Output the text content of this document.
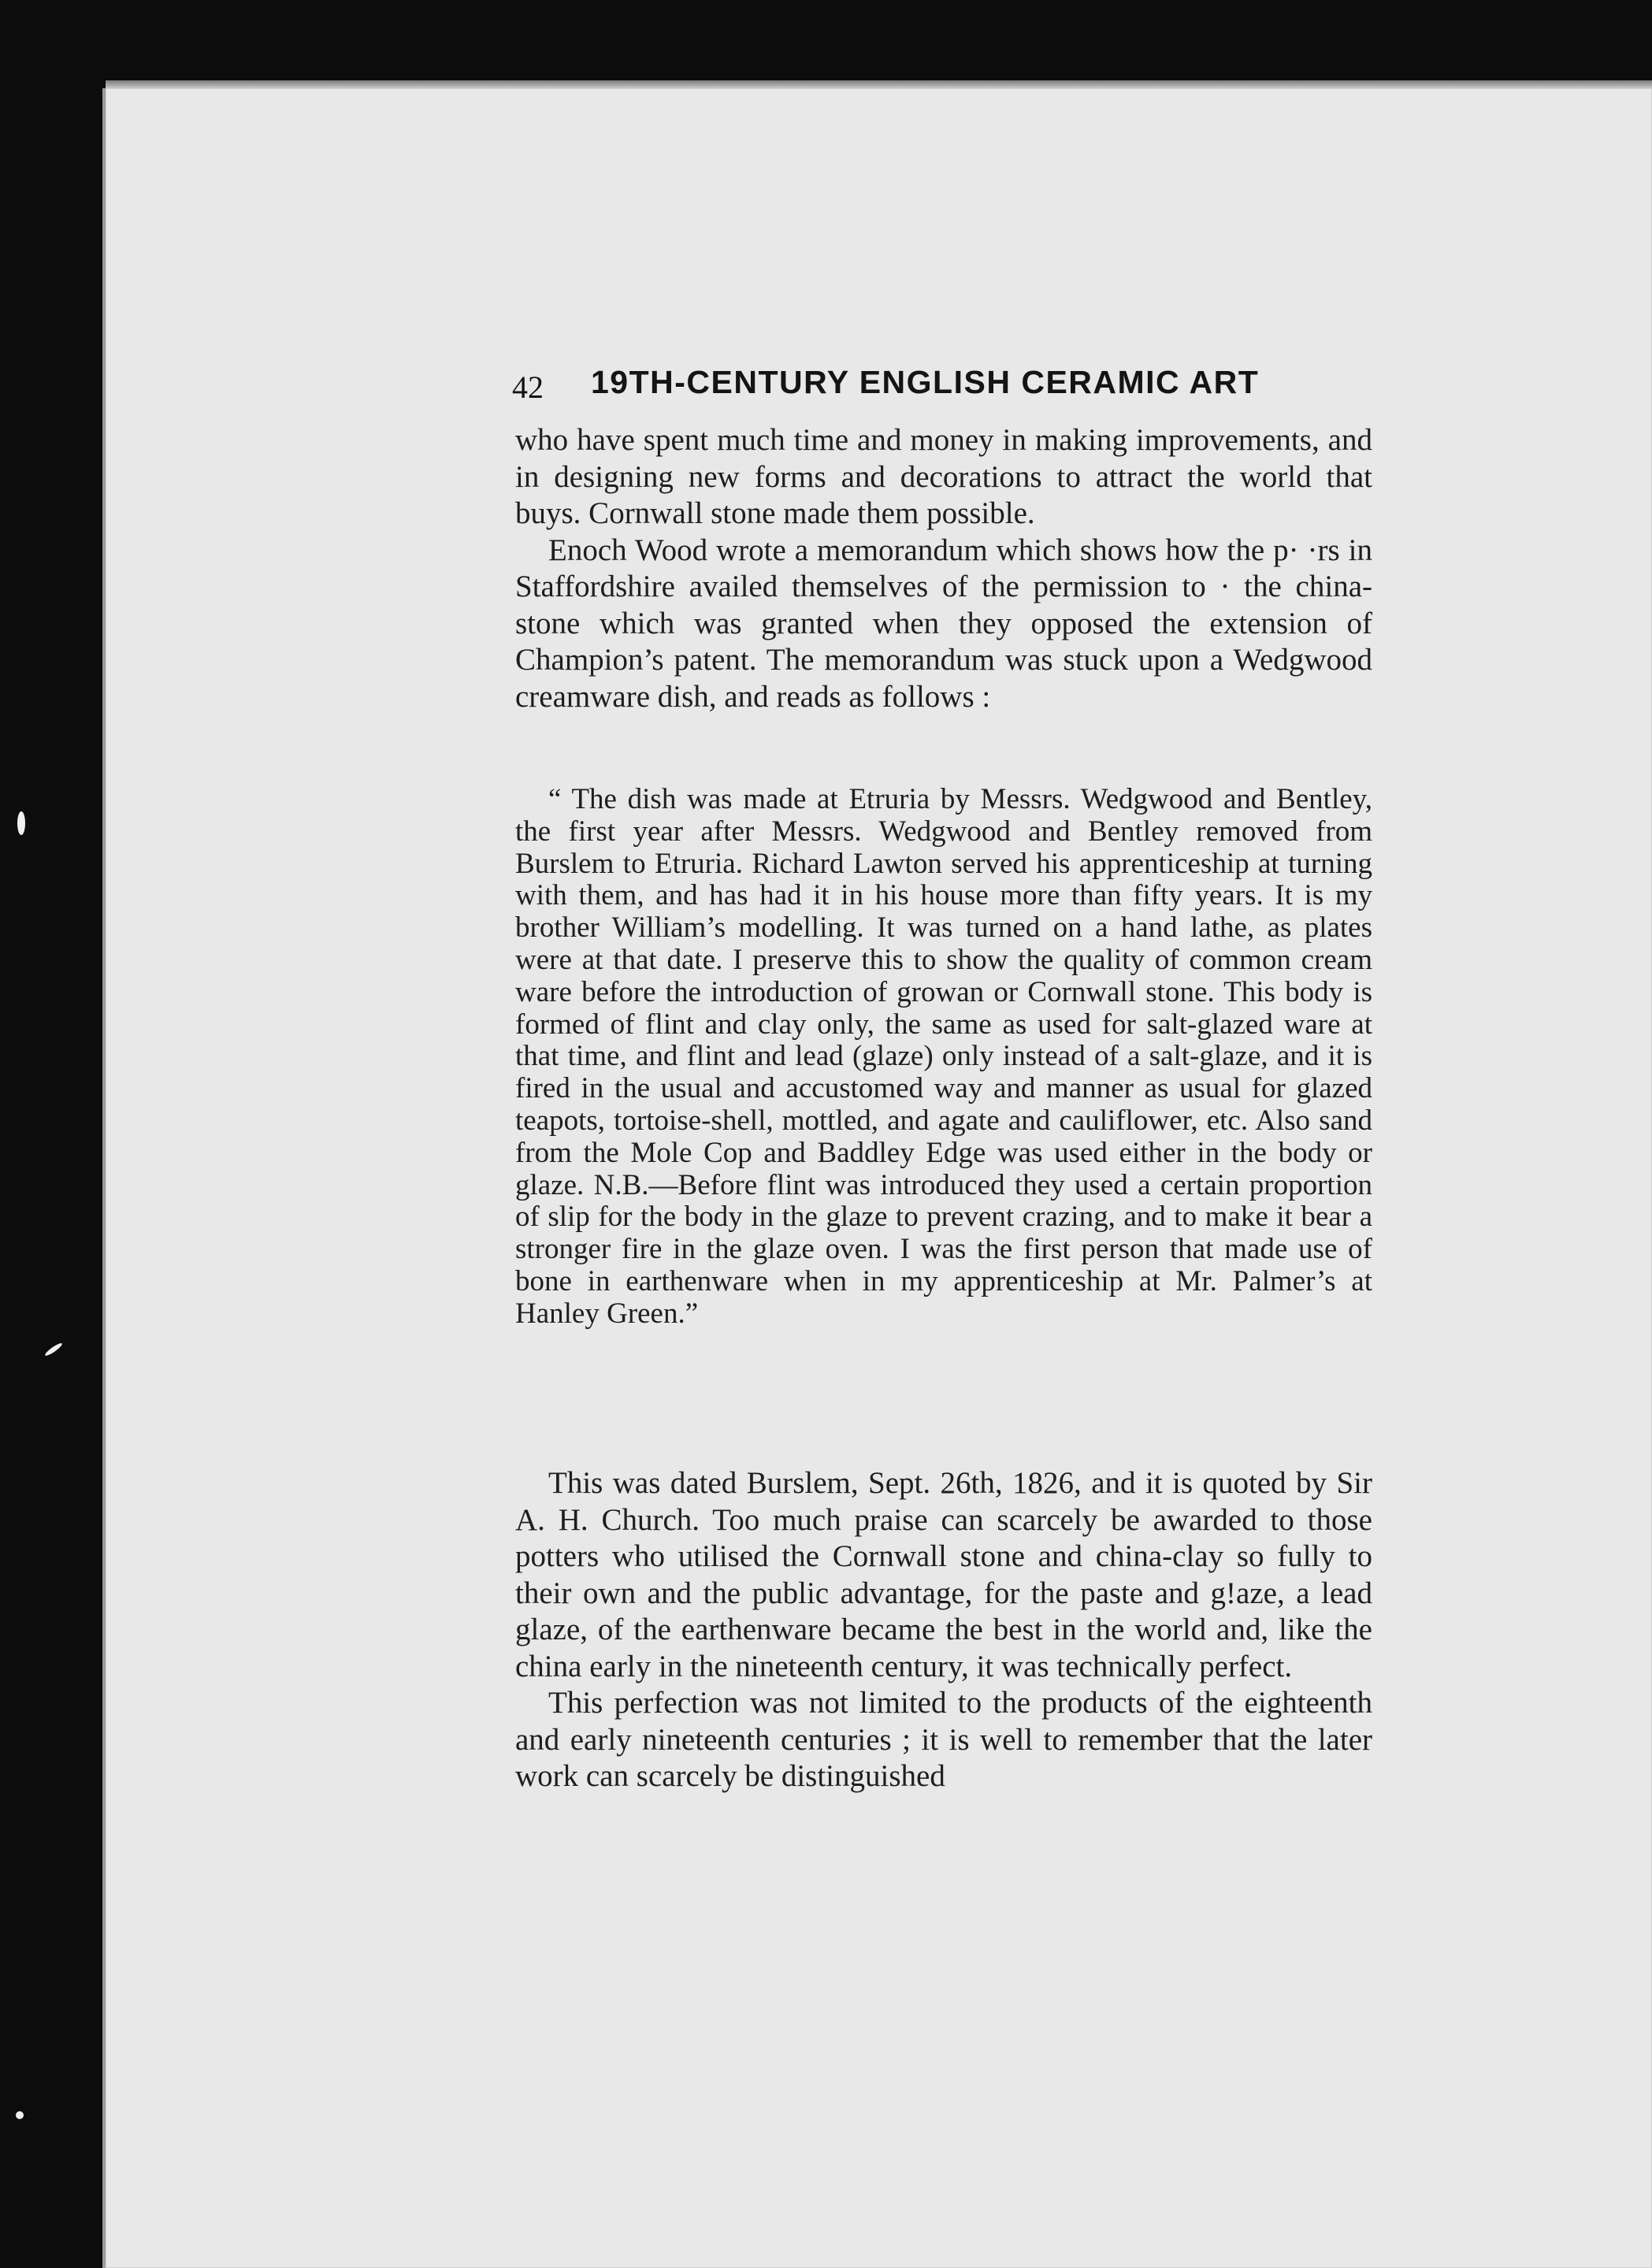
42 19TH-CENTURY ENGLISH CERAMIC ART

who have spent much time and money in making improvements, and in designing new forms and decorations to attract the world that buys. Cornwall stone made them possible.

Enoch Wood wrote a memorandum which shows how the p· ·rs in Staffordshire availed themselves of the permission to · the china-stone which was granted when they opposed the extension of Champion’s patent. The memorandum was stuck upon a Wedgwood creamware dish, and reads as follows :

“ The dish was made at Etruria by Messrs. Wedgwood and Bentley, the first year after Messrs. Wedgwood and Bentley removed from Burslem to Etruria. Richard Lawton served his apprenticeship at turning with them, and has had it in his house more than fifty years. It is my brother William’s modelling. It was turned on a hand lathe, as plates were at that date. I preserve this to show the quality of common cream ware before the introduction of growan or Cornwall stone. This body is formed of flint and clay only, the same as used for salt-glazed ware at that time, and flint and lead (glaze) only instead of a salt-glaze, and it is fired in the usual and accustomed way and manner as usual for glazed teapots, tortoise-shell, mottled, and agate and cauliflower, etc. Also sand from the Mole Cop and Baddley Edge was used either in the body or glaze. N.B.—Before flint was introduced they used a certain proportion of slip for the body in the glaze to prevent crazing, and to make it bear a stronger fire in the glaze oven. I was the first person that made use of bone in earthenware when in my apprenticeship at Mr. Palmer’s at Hanley Green.”

This was dated Burslem, Sept. 26th, 1826, and it is quoted by Sir A. H. Church. Too much praise can scarcely be awarded to those potters who utilised the Cornwall stone and china-clay so fully to their own and the public advantage, for the paste and g!aze, a lead glaze, of the earthenware became the best in the world and, like the china early in the nineteenth century, it was technically perfect.

This perfection was not limited to the products of the eighteenth and early nineteenth centuries ; it is well to remember that the later work can scarcely be distinguished
